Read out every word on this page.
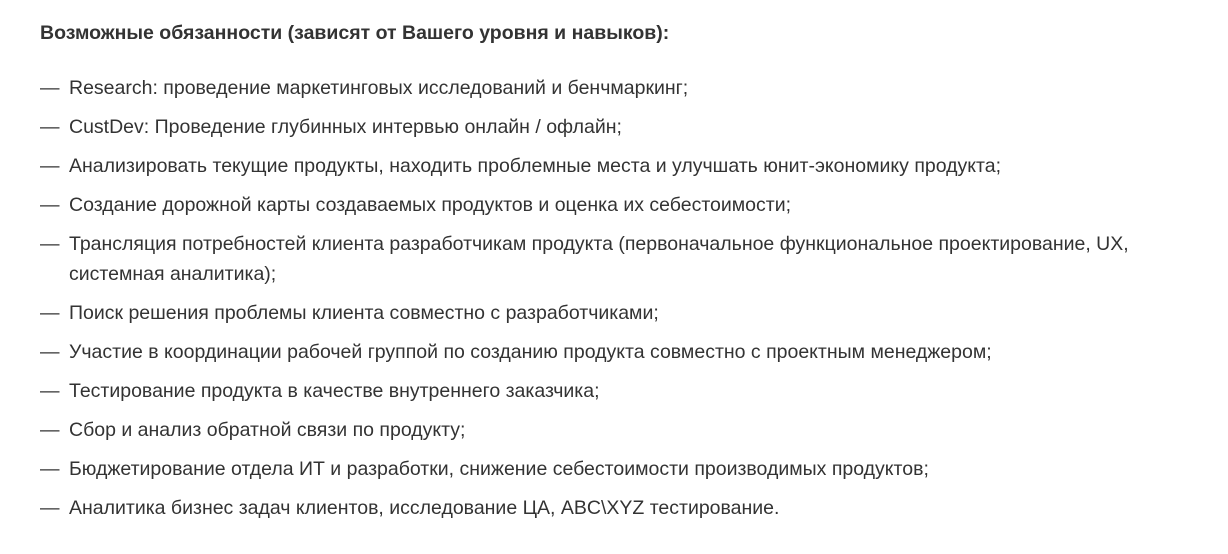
Возможные обязанности (зависят от Вашего уровня и навыков):
— Research: проведение маркетинговых исследований и бенчмаркинг;
— CustDev: Проведение глубинных интервью онлайн / офлайн;
— Анализировать текущие продукты, находить проблемные места и улучшать юнит-экономику продукта;
— Создание дорожной карты создаваемых продуктов и оценка их себестоимости;
— Трансляция потребностей клиента разработчикам продукта (первоначальное функциональное проектирование, UX, системная аналитика);
— Поиск решения проблемы клиента совместно с разработчиками;
— Участие в координации рабочей группой по созданию продукта совместно с проектным менеджером;
— Тестирование продукта в качестве внутреннего заказчика;
— Сбор и анализ обратной связи по продукту;
— Бюджетирование отдела ИТ и разработки, снижение себестоимости производимых продуктов;
— Аналитика бизнес задач клиентов, исследование ЦА, ABC\XYZ тестирование.
